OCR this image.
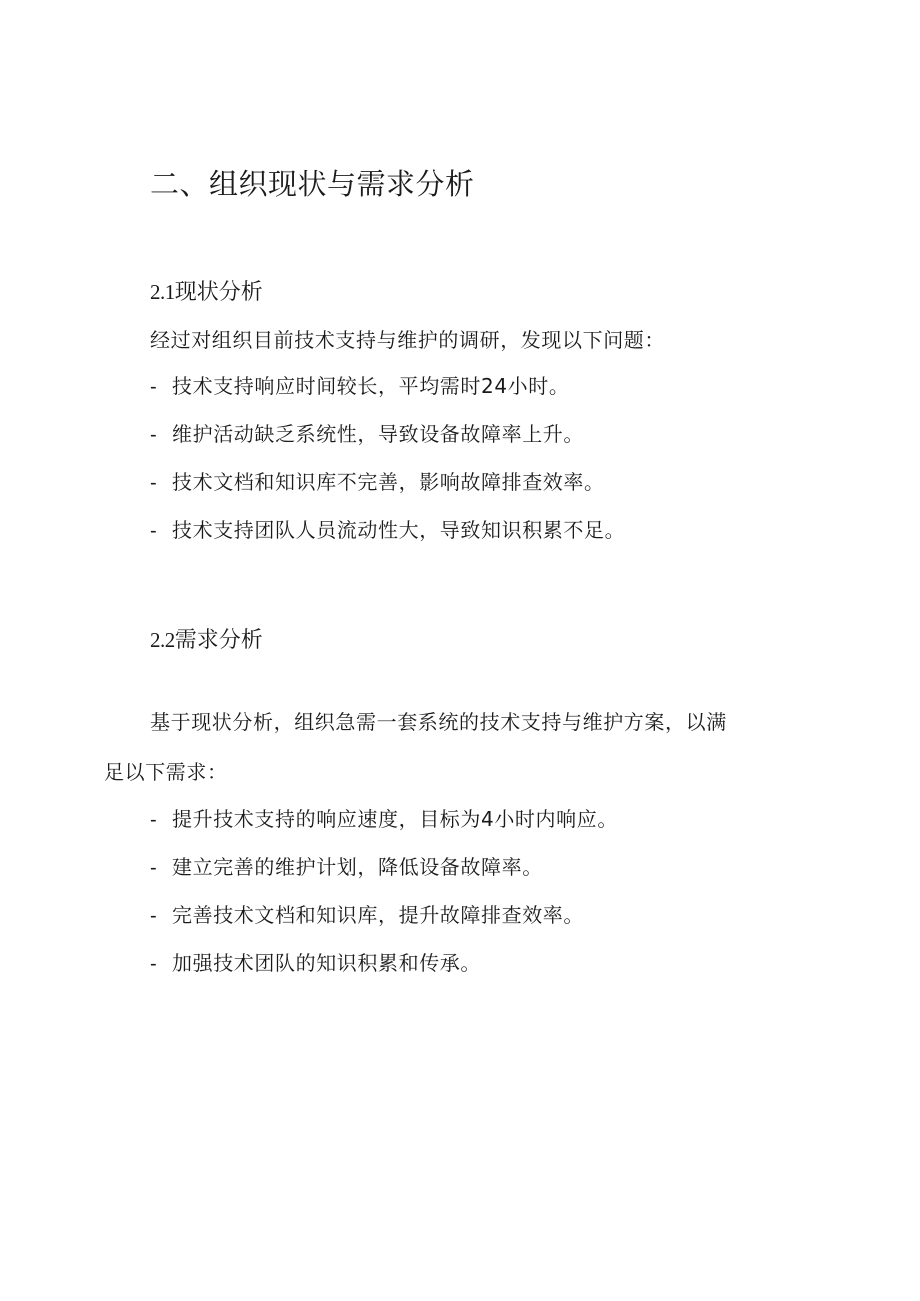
二、组织现状与需求分析
2.1现状分析

经过对组织目前技术支持与维护的调研，发现以下问题：

- 技术支持响应时间较长，平均需时24小时。
- 维护活动缺乏系统性，导致设备故障率上升。
- 技术文档和知识库不完善，影响故障排查效率。
- 技术支持团队人员流动性大，导致知识积累不足。
2.2需求分析

基于现状分析，组织急需一套系统的技术支持与维护方案，以满

足以下需求：

- 提升技术支持的响应速度，目标为4小时内响应。
- 建立完善的维护计划，降低设备故障率。
- 完善技术文档和知识库，提升故障排查效率。
- 加强技术团队的知识积累和传承。
